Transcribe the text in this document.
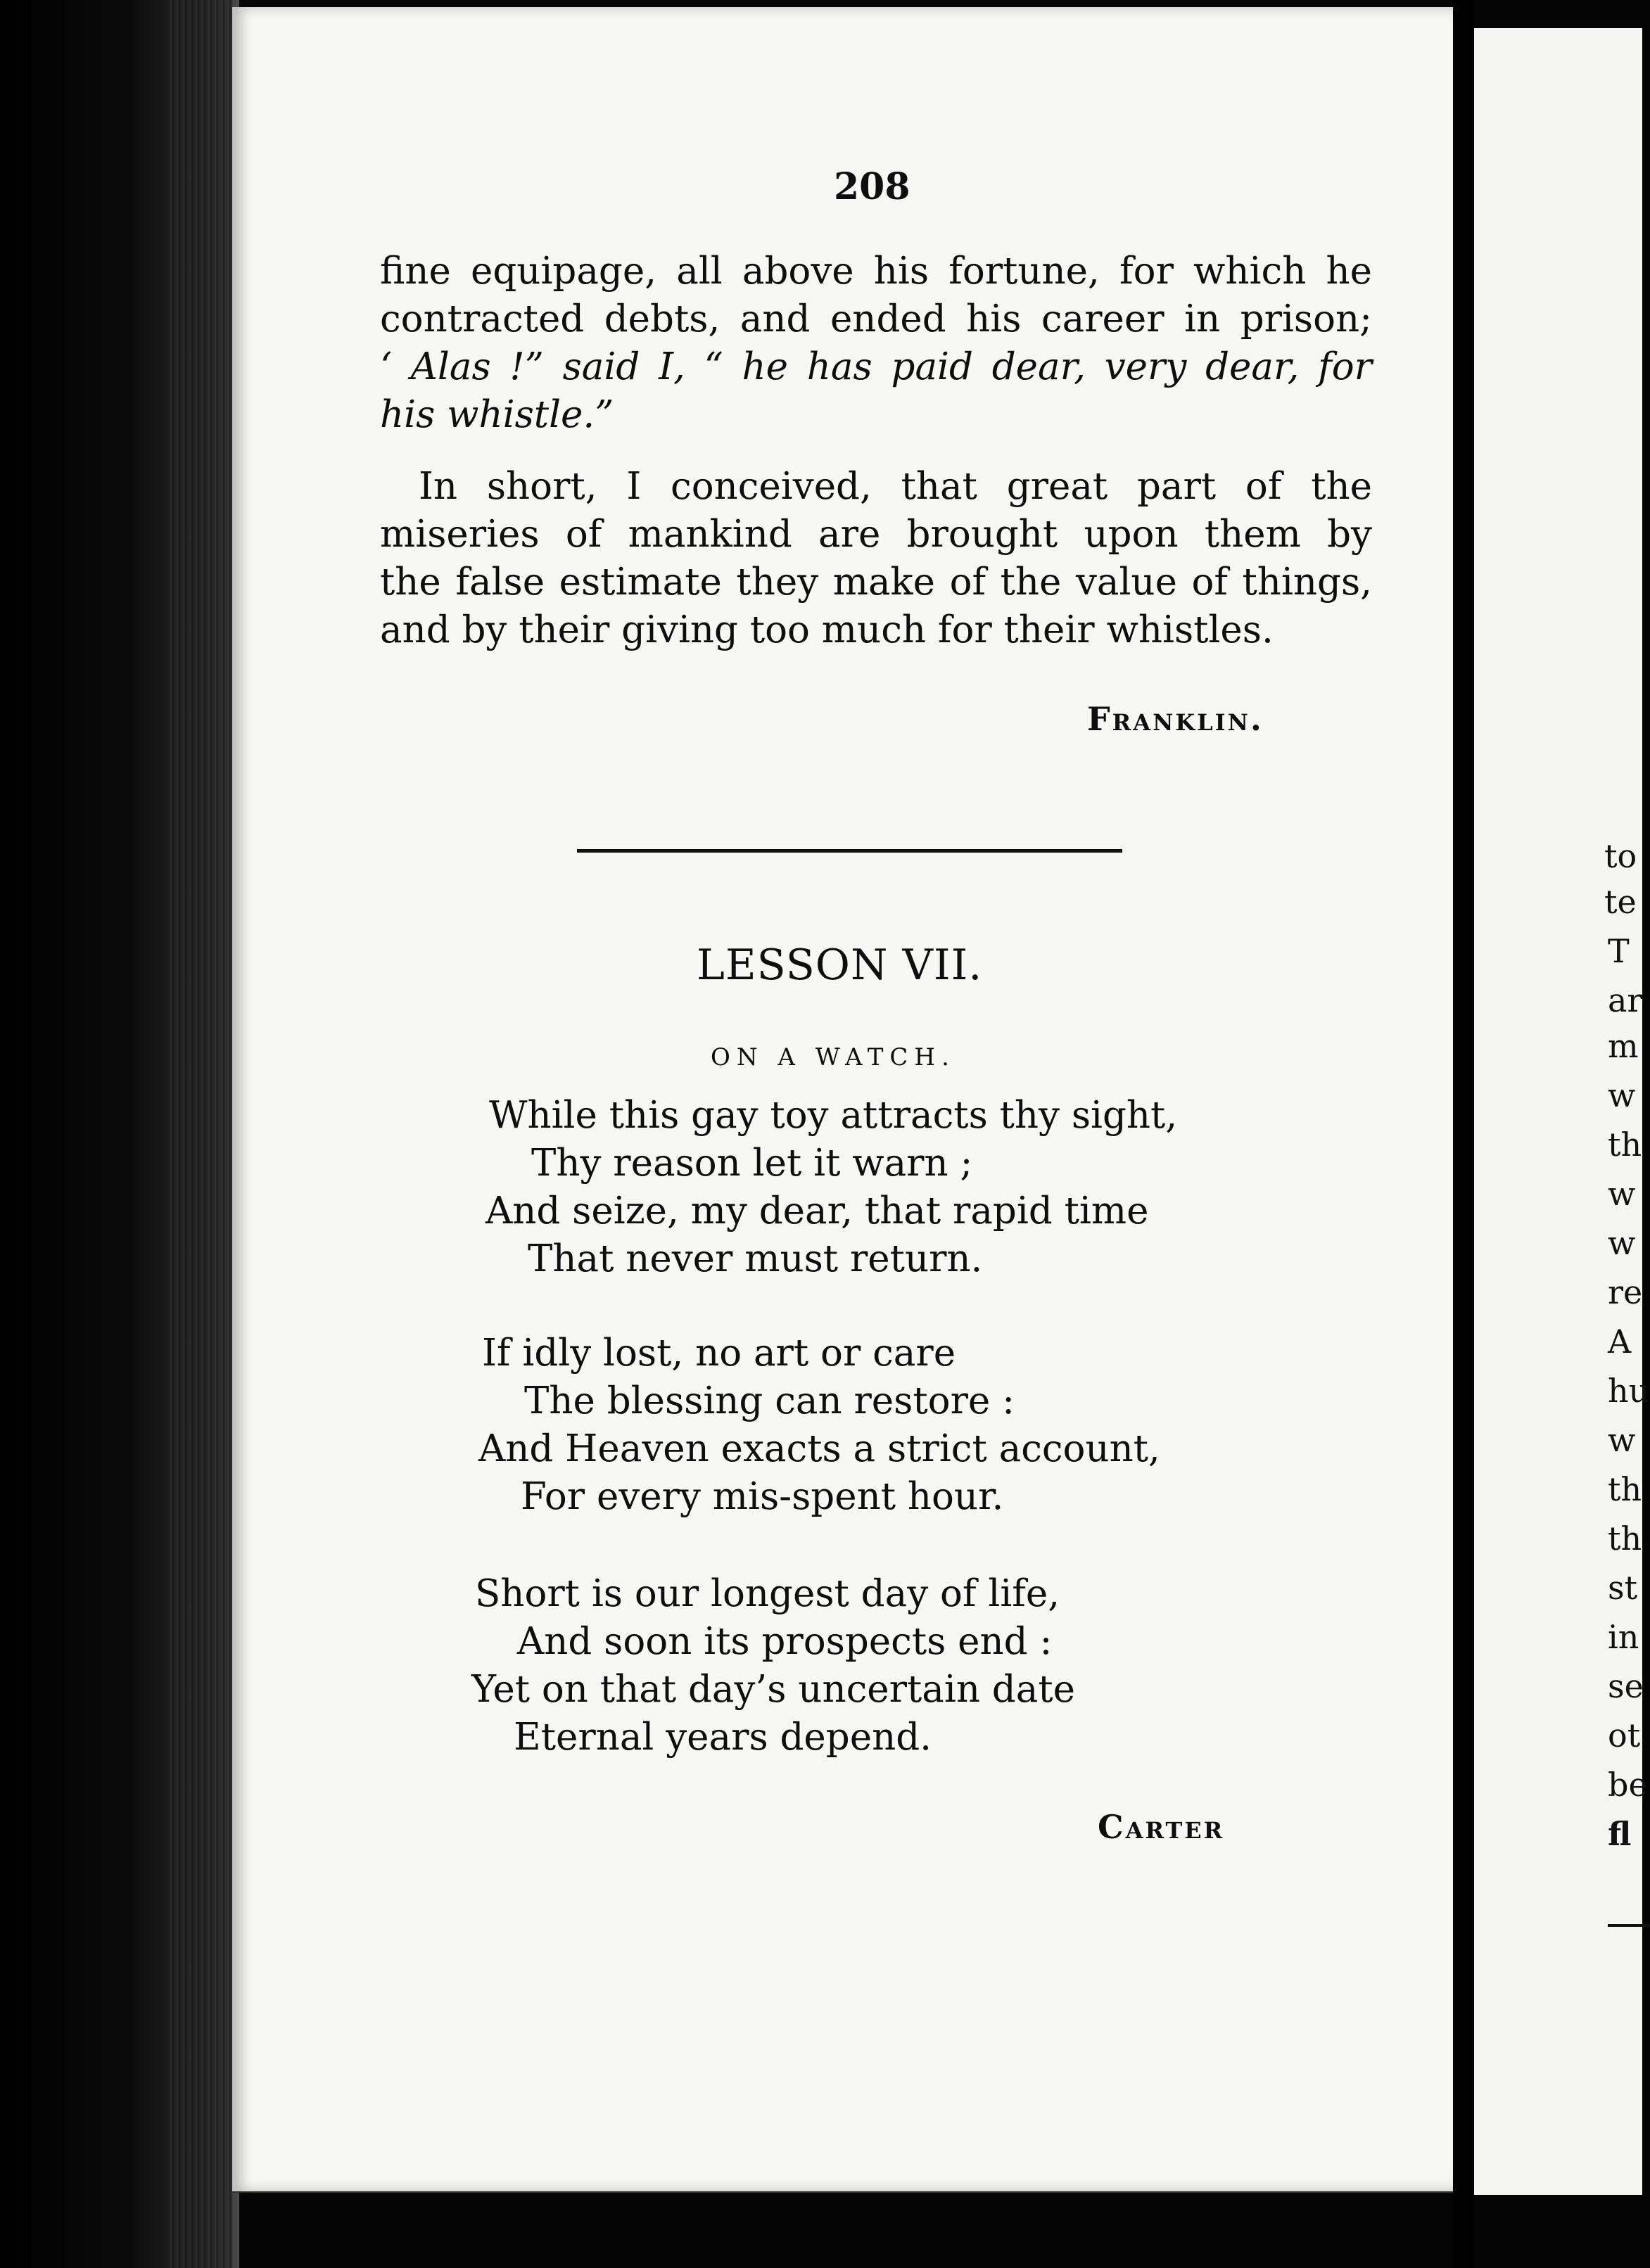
208
fine equipage, all above his fortune, for which he
contracted debts, and ended his career in prison;
‘ Alas !” said I, “ he has paid dear, very dear, for
his whistle.”
In short, I conceived, that great part of the
miseries of mankind are brought upon them by
the false estimate they make of the value of things,
and by their giving too much for their whistles.
Franklin.
LESSON VII.
ON A WATCH.
While this gay toy attracts thy sight,
Thy reason let it warn ;
And seize, my dear, that rapid time
That never must return.
If idly lost, no art or care
The blessing can restore :
And Heaven exacts a strict account,
For every mis-spent hour.
Short is our longest day of life,
And soon its prospects end :
Yet on that day’s uncertain date
Eternal years depend.
Carter
to
te
T
ar
m
w
th
w
w
re
A
hu
w
th
th
st
in
se
ot
be
fl
